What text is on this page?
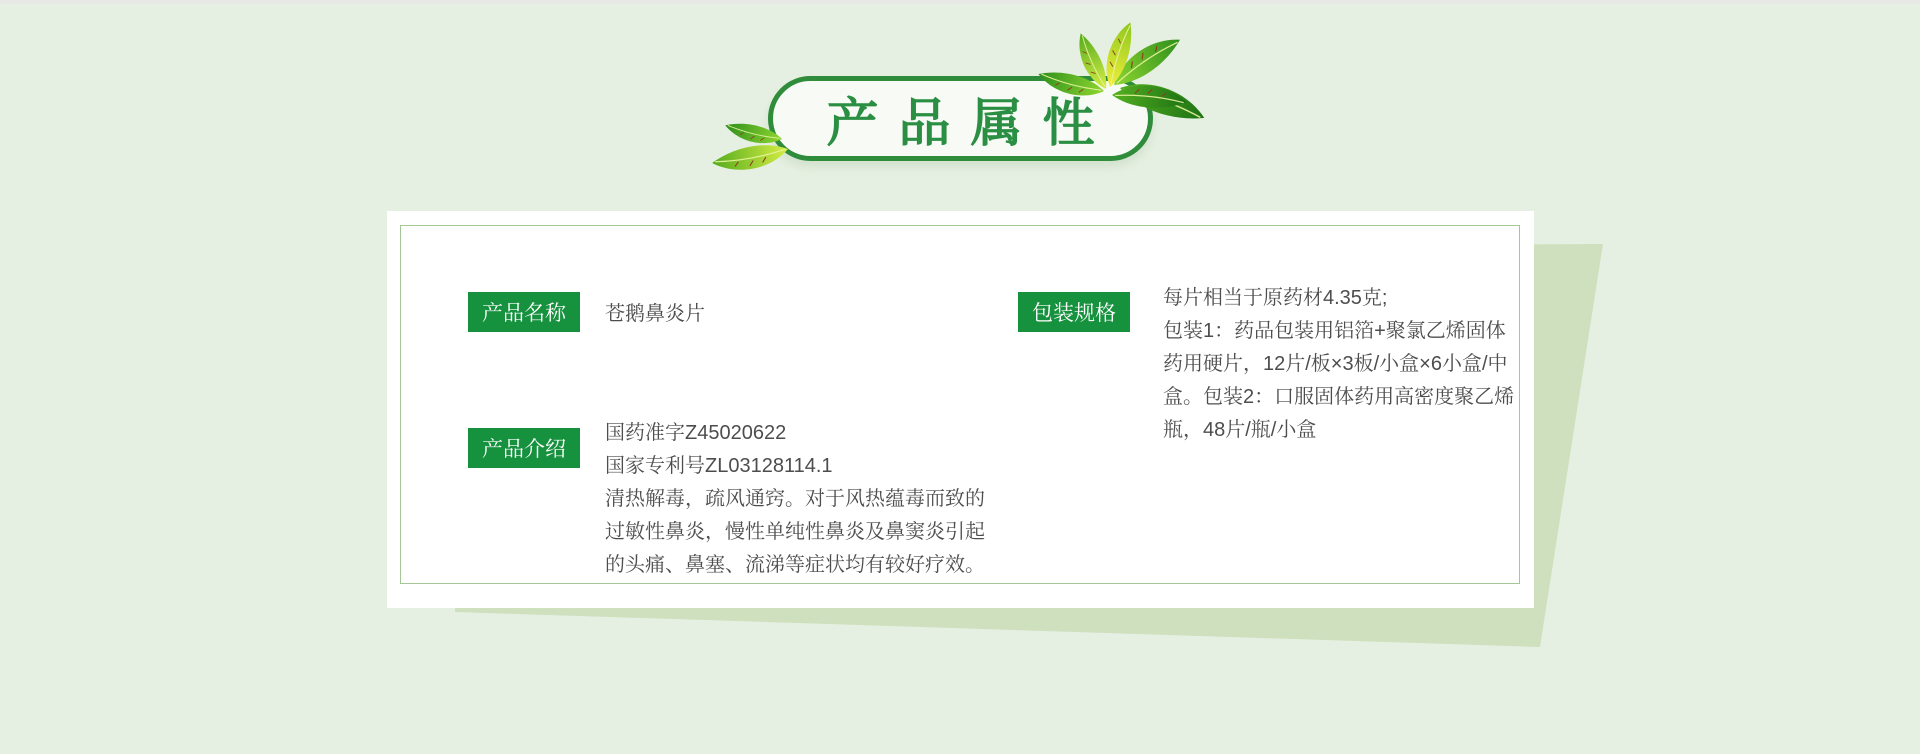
产品名称	苍鹅鼻炎片	包装规格

每片相当于原药材4.35克;

包装1：药品包装用铝箔+聚氯乙烯固体药用硬片，12片/板×3板/小盒×6小盒/中盒。包装2：口服固体药用高密度聚乙烯瓶，48片/瓶/小盒

产品介绍

国药准字Z45020622

国家专利号ZL03128114.1

清热解毒，疏风通窍。对于风热蕴毒而致的过敏性鼻炎，慢性单纯性鼻炎及鼻窦炎引起的头痛、鼻塞、流涕等症状均有较好疗效。

产品属性
